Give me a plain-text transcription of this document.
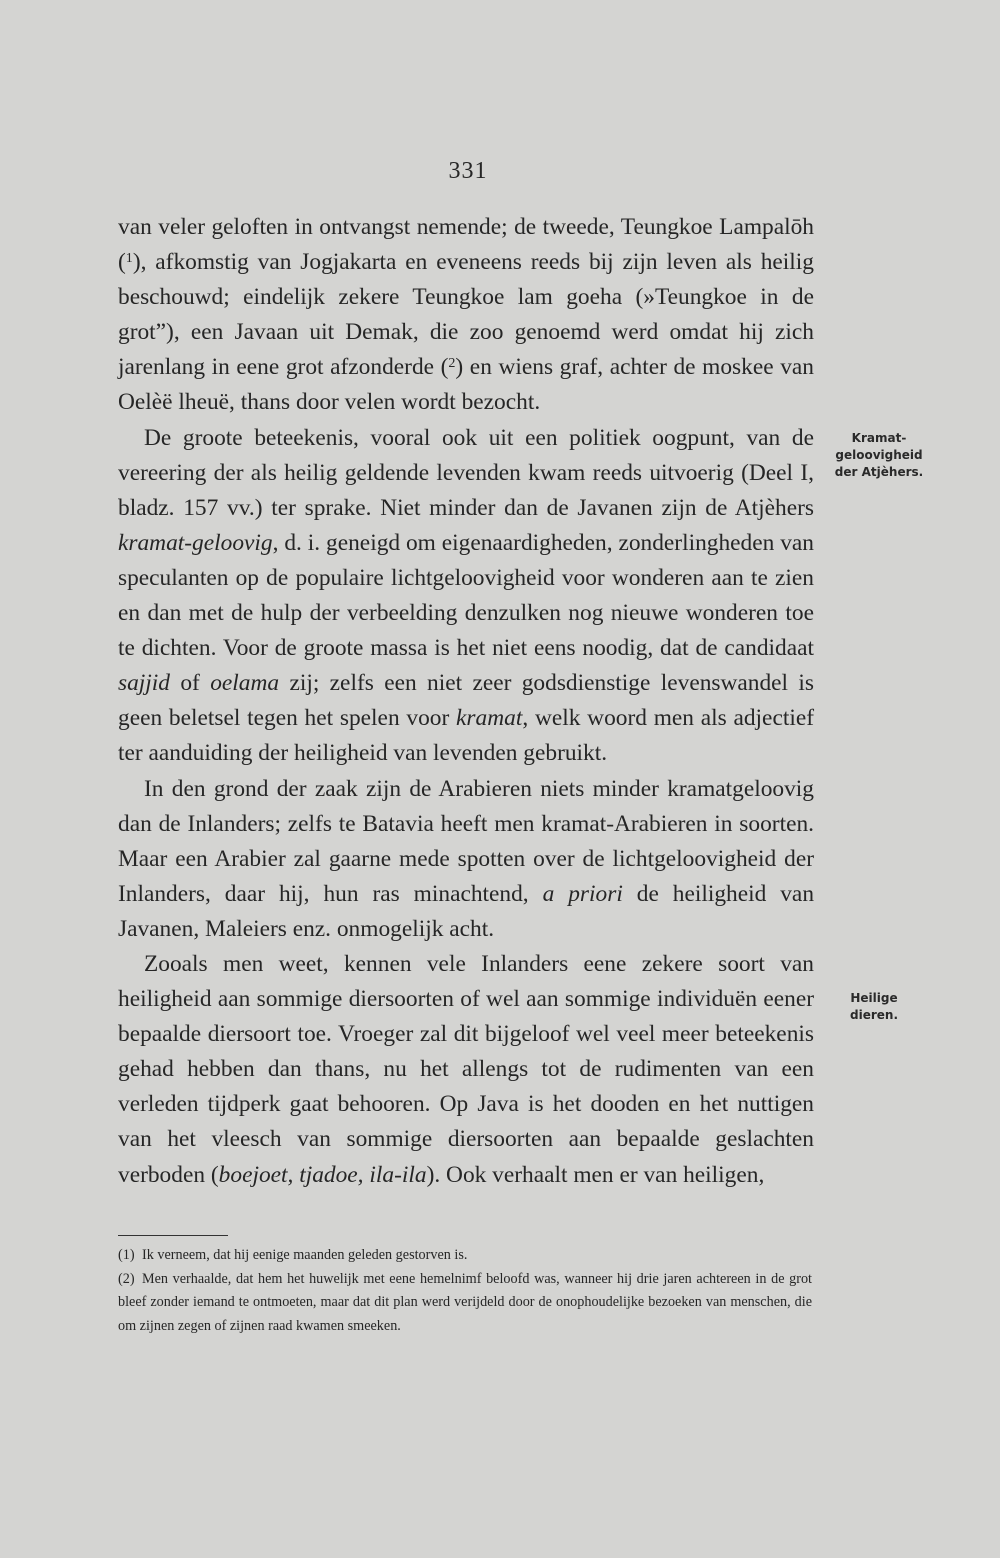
331

van veler geloften in ontvangst nemende; de tweede, Teungkoe Lampalōh ($^1$), afkomstig van Jogjakarta en eveneens reeds bij zijn leven als heilig beschouwd; eindelijk zekere Teungkoe lam goeha (»Teungkoe in de grot”), een Javaan uit Demak, die zoo genoemd werd omdat hij zich jarenlang in eene grot afzonderde ($^2$) en wiens graf, achter de moskee van Oelèë lheuë, thans door velen wordt bezocht.

De groote beteekenis, vooral ook uit een politiek oogpunt, van de vereering der als heilig geldende levenden kwam reeds uitvoerig (Deel I, bladz. 157 vv.) ter sprake. Niet minder dan de Javanen zijn de Atjèhers kramat-geloovig, d. i. geneigd om eigenaardigheden, zonderlingheden van speculanten op de populaire lichtgeloovigheid voor wonderen aan te zien en dan met de hulp der verbeelding denzulken nog nieuwe wonderen toe te dichten. Voor de groote massa is het niet eens noodig, dat de candidaat sajjid of oelama zij; zelfs een niet zeer godsdienstige levenswandel is geen beletsel tegen het spelen voor kramat, welk woord men als adjectief ter aanduiding der heiligheid van levenden gebruikt.

In den grond der zaak zijn de Arabieren niets minder kramatgeloovig dan de Inlanders; zelfs te Batavia heeft men kramat-Arabieren in soorten. Maar een Arabier zal gaarne mede spotten over de lichtgeloovigheid der Inlanders, daar hij, hun ras minachtend, a priori de heiligheid van Javanen, Maleiers enz. onmogelijk acht.

Zooals men weet, kennen vele Inlanders eene zekere soort van heiligheid aan sommige diersoorten of wel aan sommige individuën eener bepaalde diersoort toe. Vroeger zal dit bijgeloof wel veel meer beteekenis gehad hebben dan thans, nu het allengs tot de rudimenten van een verleden tijdperk gaat behooren. Op Java is het dooden en het nuttigen van het vleesch van sommige diersoorten aan bepaalde geslachten verboden (boejoet, tjadoe, ila-ila). Ook verhaalt men er van heiligen,

Kramat-
geloovigheid
der Atjèhers.
Heilige
dieren.

(1) Ik verneem, dat hij eenige maanden geleden gestorven is.

(2) Men verhaalde, dat hem het huwelijk met eene hemelnimf beloofd was, wanneer hij drie jaren achtereen in de grot bleef zonder iemand te ontmoeten, maar dat dit plan werd verijdeld door de onophoudelijke bezoeken van menschen, die om zijnen zegen of zijnen raad kwamen smeeken.
